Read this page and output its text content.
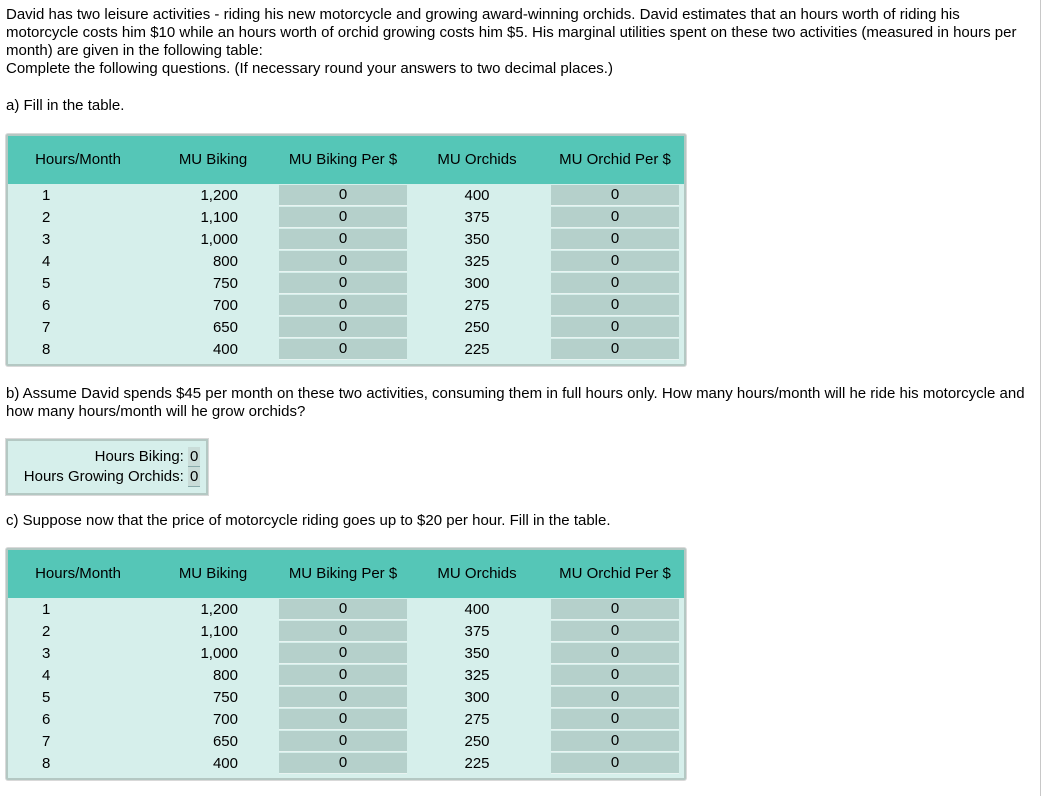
David has two leisure activities - riding his new motorcycle and growing award-winning orchids. David estimates that an hours worth of riding his motorcycle costs him $10 while an hours worth of orchid growing costs him $5. His marginal utilities spent on these two activities (measured in hours per month) are given in the following table:

Complete the following questions. (If necessary round your answers to two decimal places.)

a) Fill in the table.
Hours/Month	MU Biking	MU Biking Per $	MU Orchids	MU Orchid Per $
1	1,200	0	400	0
2	1,100	0	375	0
3	1,000	0	350	0
4	800	0	325	0
5	750	0	300	0
6	700	0	275	0
7	650	0	250	0
8	400	0	225	0
b) Assume David spends $45 per month on these two activities, consuming them in full hours only. How many hours/month will he ride his motorcycle and how many hours/month will he grow orchids?
Hours Biking: 0
Hours Growing Orchids: 0
c) Suppose now that the price of motorcycle riding goes up to $20 per hour. Fill in the table.
Hours/Month	MU Biking	MU Biking Per $	MU Orchids	MU Orchid Per $
1	1,200	0	400	0
2	1,100	0	375	0
3	1,000	0	350	0
4	800	0	325	0
5	750	0	300	0
6	700	0	275	0
7	650	0	250	0
8	400	0	225	0
